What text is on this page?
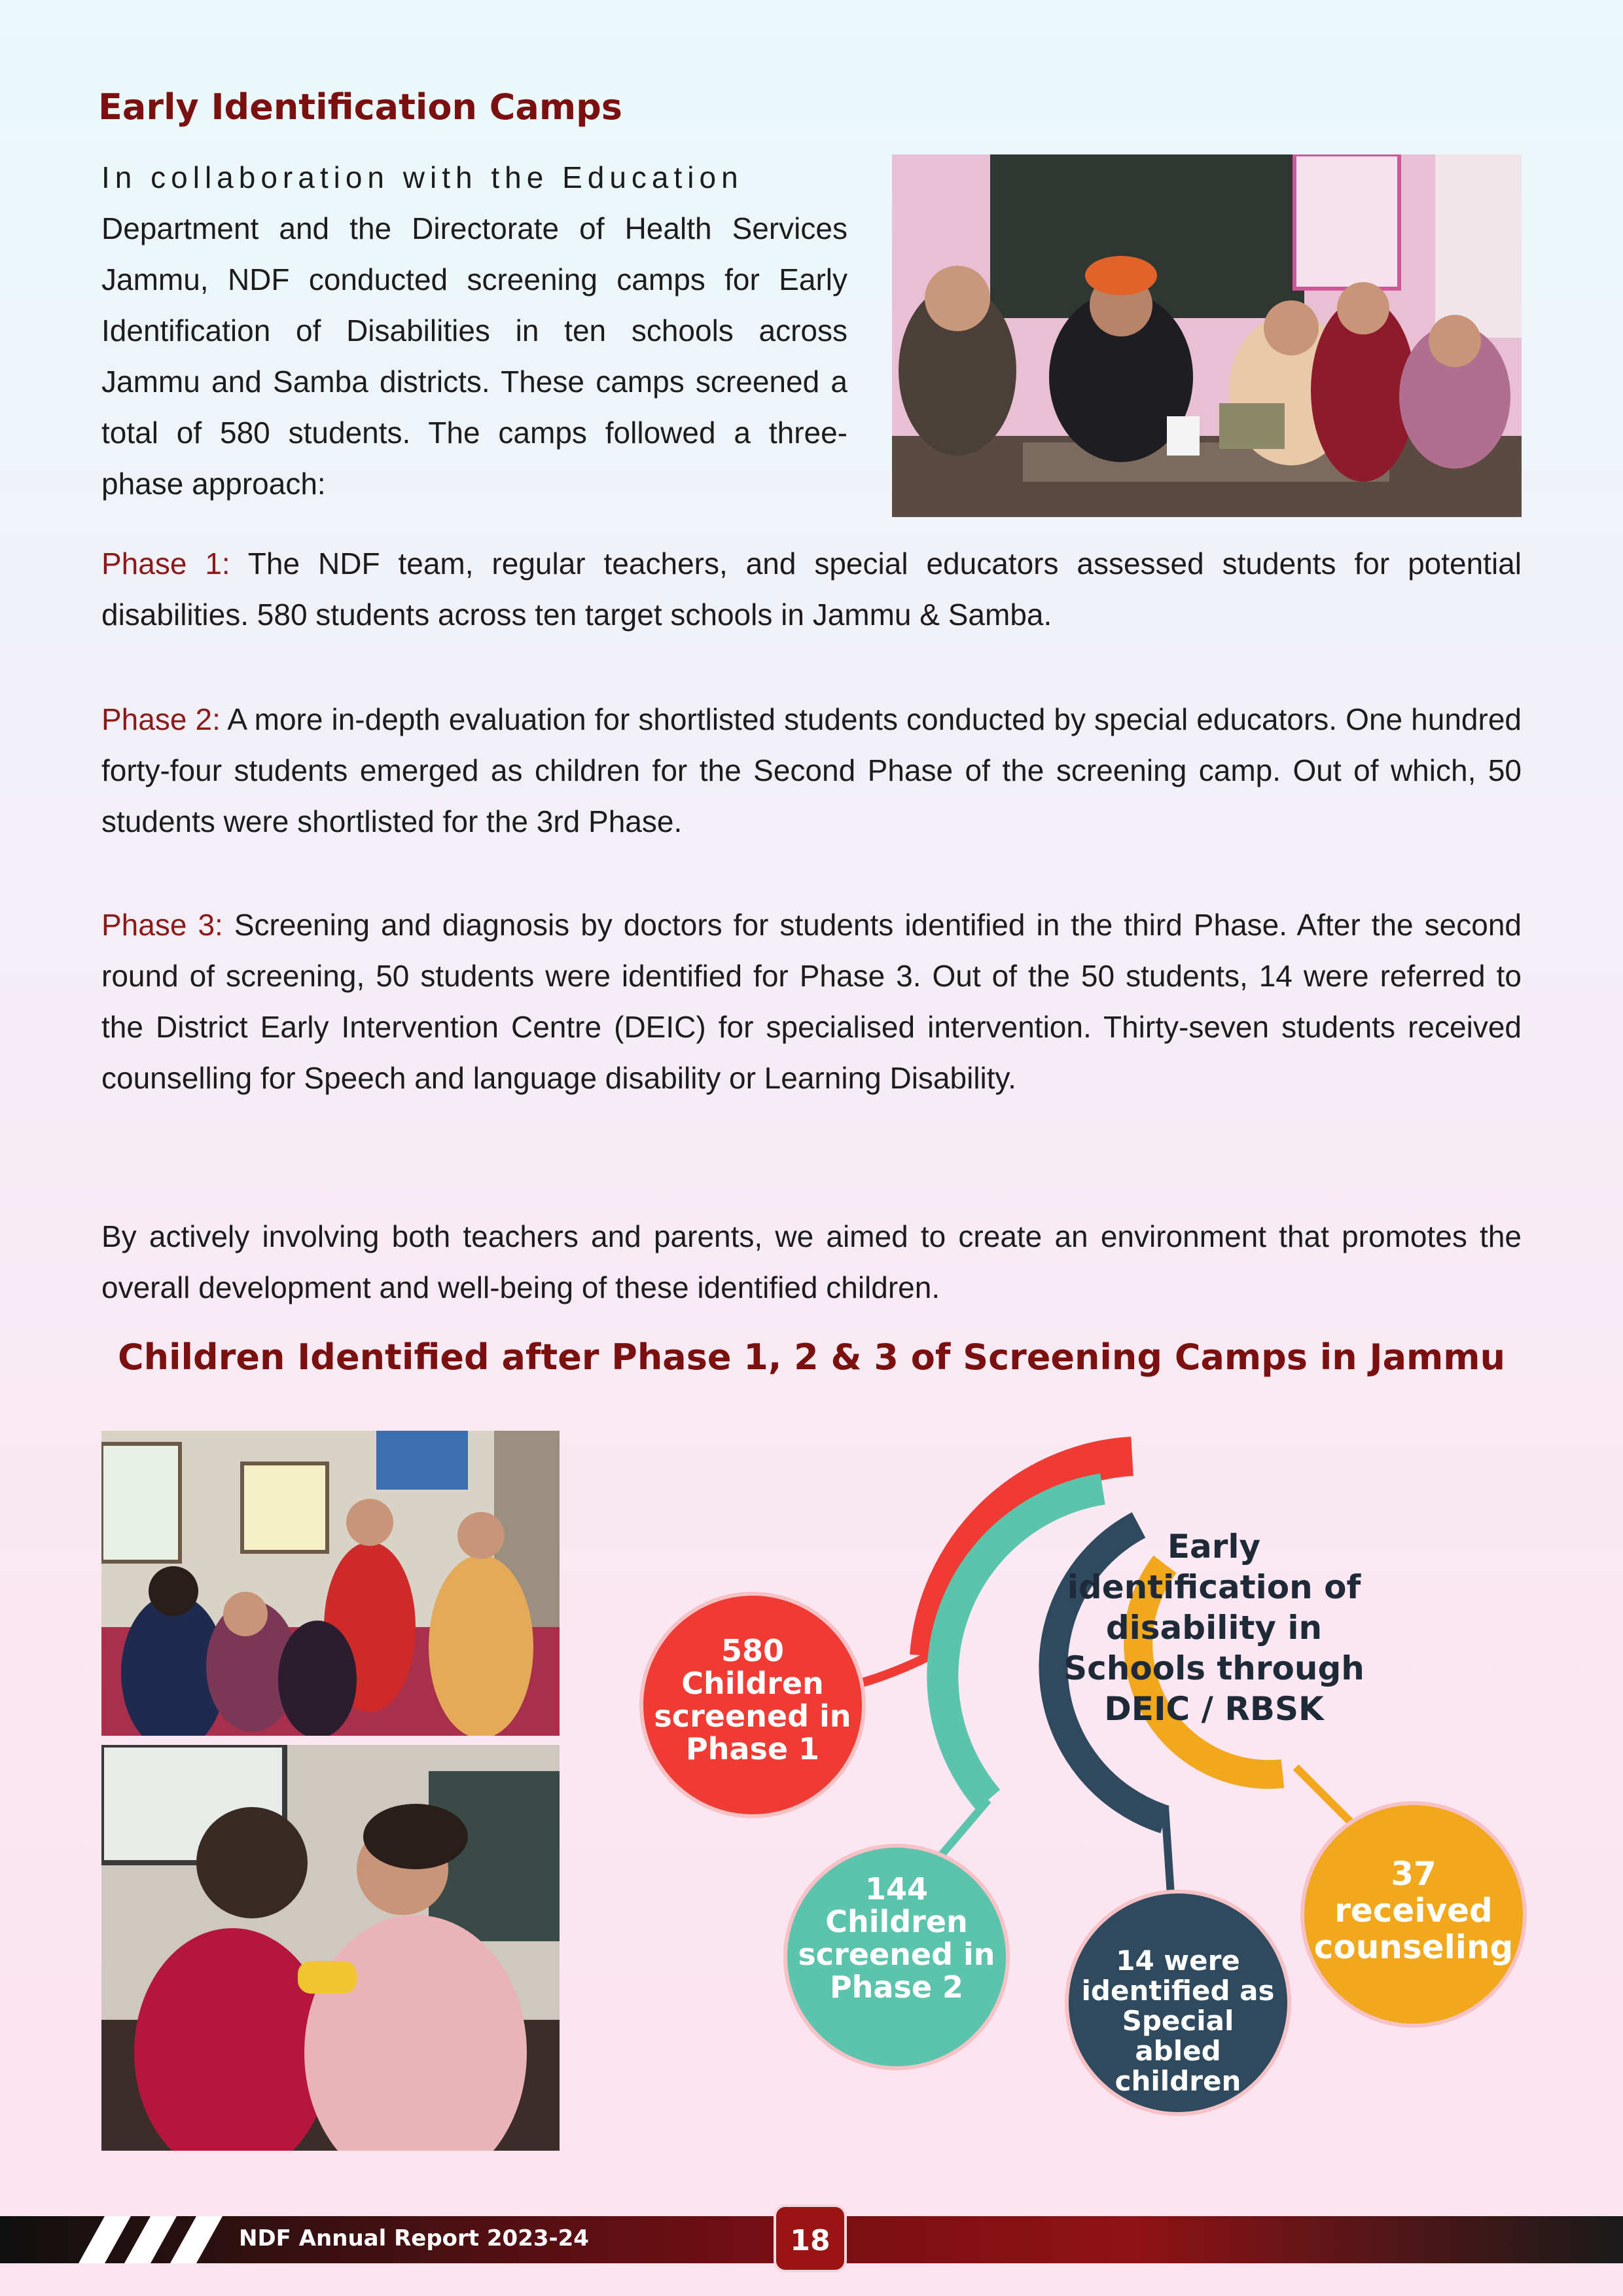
Early Identification Camps
In collaboration with the Education
Department and the Directorate of Health Services Jammu, NDF conducted screening camps for Early Identification of Disabilities in ten schools across Jammu and Samba districts. These camps screened a total of 580 students. The camps followed a three-phase approach:
Phase 1: The NDF team, regular teachers, and special educators assessed students for potential disabilities. 580 students across ten target schools in Jammu & Samba.
Phase 2: A more in-depth evaluation for shortlisted students conducted by special educators. One hundred forty-four students emerged as children for the Second Phase of the screening camp. Out of which, 50 students were shortlisted for the 3rd Phase.
Phase 3: Screening and diagnosis by doctors for students identified in the third Phase. After the second round of screening, 50 students were identified for Phase 3. Out of the 50 students, 14 were referred to the District Early Intervention Centre (DEIC) for specialised intervention. Thirty-seven students received counselling for Speech and language disability or Learning Disability.
By actively involving both teachers and parents, we aimed to create an environment that promotes the overall development and well-being of these identified children.
Children Identified after Phase 1, 2 & 3 of Screening Camps in Jammu
Early
identification of
disability in
Schools through
DEIC / RBSK
580
Children
screened in
Phase 1
144
Children
screened in
Phase 2
14 were
identified as
Special
abled
children
37
received
counseling
NDF Annual Report 2023-24	18
